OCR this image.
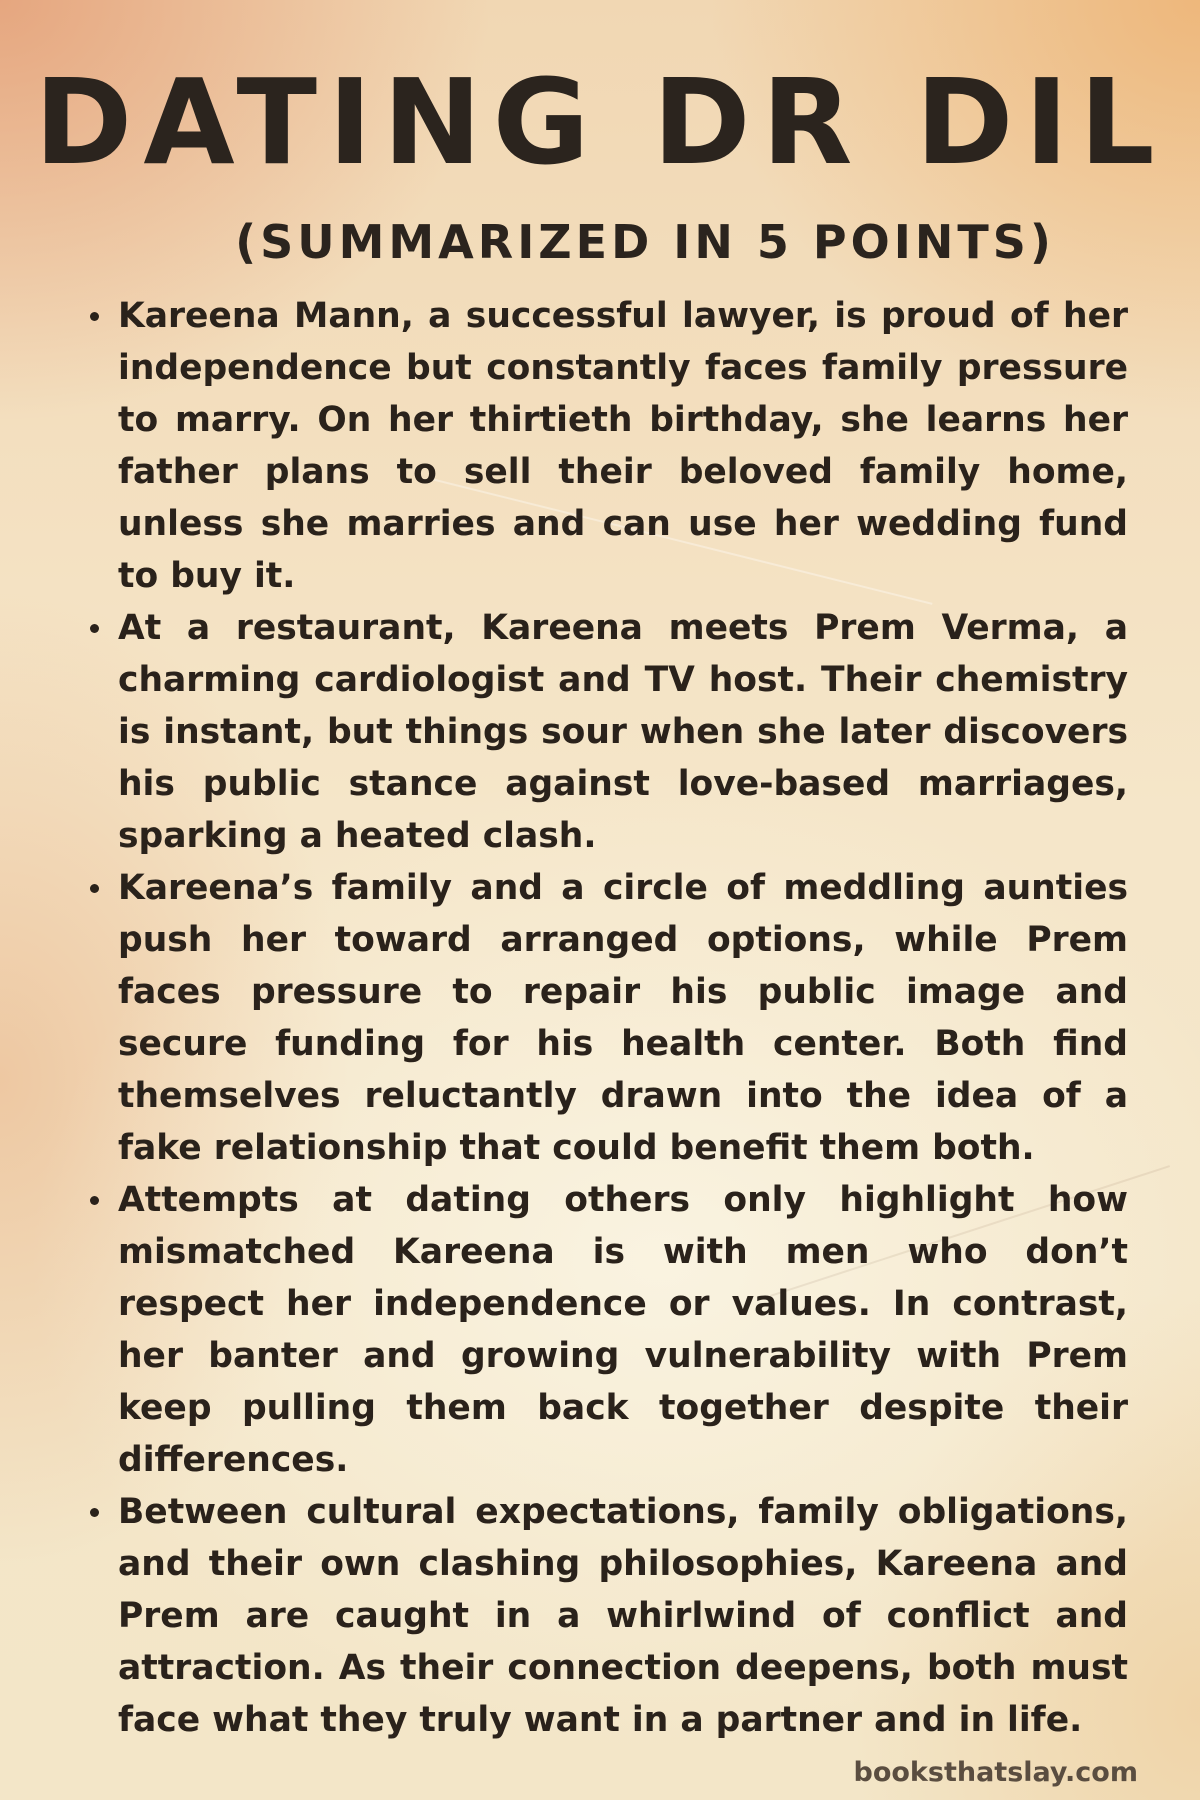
DATING DR DIL
(SUMMARIZED IN 5 POINTS)
Kareena Mann, a successful lawyer, is proud of her independence but constantly faces family pressure to marry. On her thirtieth birthday, she learns her father plans to sell their beloved family home, unless she marries and can use her wedding fund to buy it.
At a restaurant, Kareena meets Prem Verma, a charming cardiologist and TV host. Their chemistry is instant, but things sour when she later discovers his public stance against love-based marriages, sparking a heated clash.
Kareena’s family and a circle of meddling aunties push her toward arranged options, while Prem faces pressure to repair his public image and secure funding for his health center. Both find themselves reluctantly drawn into the idea of a fake relationship that could benefit them both.
Attempts at dating others only highlight how mismatched Kareena is with men who don’t respect her independence or values. In contrast, her banter and growing vulnerability with Prem keep pulling them back together despite their differences.
Between cultural expectations, family obligations, and their own clashing philosophies, Kareena and Prem are caught in a whirlwind of conflict and attraction. As their connection deepens, both must face what they truly want in a partner and in life.

booksthatslay.com
